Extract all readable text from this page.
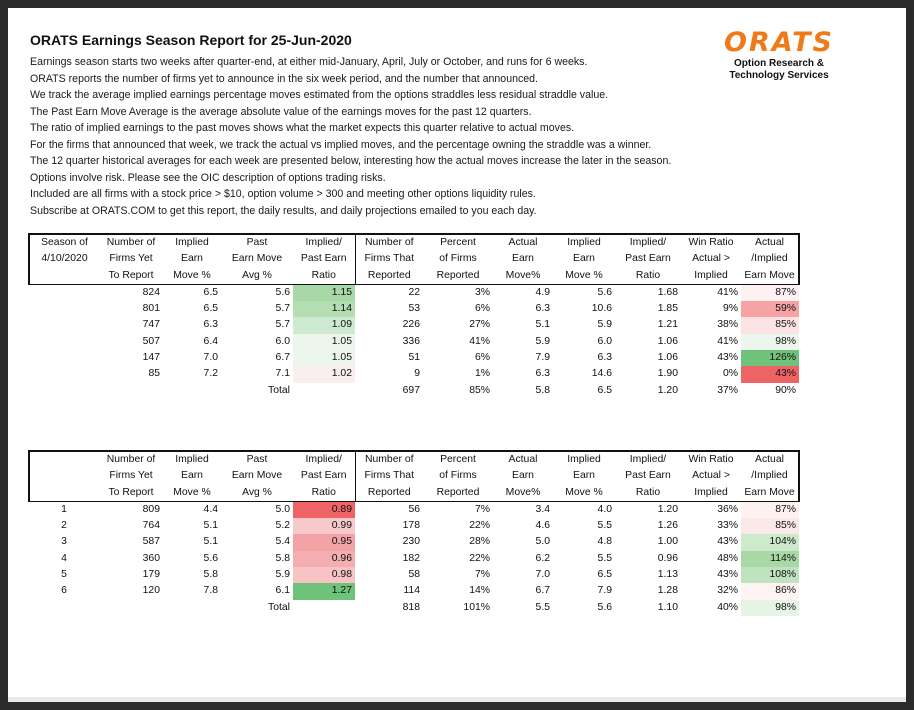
ORATS Earnings Season Report for 25-Jun-2020
Earnings season starts two weeks after quarter-end, at either mid-January, April, July or October, and runs for 6 weeks.
ORATS reports the number of firms yet to announce in the six week period, and the number that announced.
We track the average implied earnings percentage moves estimated from the options straddles less residual straddle value.
The Past Earn Move Average is the average absolute value of the earnings moves for the past 12 quarters.
The ratio of implied earnings to the past moves shows what the market expects this quarter relative to actual moves.
For the firms that announced that week, we track the actual vs implied moves, and the percentage owning the straddle was a winner.
The 12 quarter historical averages for each week are presented below, interesting how the actual moves increase the later in the season.
Options involve risk. Please see the OIC description of options trading risks.
Included are all firms with a stock price > $10, option volume > 300 and meeting other options liquidity rules.
Subscribe at ORATS.COM to get this report, the daily results, and daily projections emailed to you each day.
ORATS
Option Research &
Technology Services
Season of	Number of	Implied	Past	Implied/	Number of	Percent	Actual	Implied	Implied/	Win Ratio	Actual
4/10/2020	Firms Yet	Earn	Earn Move	Past Earn	Firms That	of Firms	Earn	Earn	Past Earn	Actual >	/Implied
	To Report	Move %	Avg %	Ratio	Reported	Reported	Move%	Move %	Ratio	Implied	Earn Move
	824	6.5	5.6	1.15	22	3%	4.9	5.6	1.68	41%	87%
	801	6.5	5.7	1.14	53	6%	6.3	10.6	1.85	9%	59%
	747	6.3	5.7	1.09	226	27%	5.1	5.9	1.21	38%	85%
	507	6.4	6.0	1.05	336	41%	5.9	6.0	1.06	41%	98%
	147	7.0	6.7	1.05	51	6%	7.9	6.3	1.06	43%	126%
	85	7.2	7.1	1.02	9	1%	6.3	14.6	1.90	0%	43%
			Total		697	85%	5.8	6.5	1.20	37%	90%
	Number of	Implied	Past	Implied/	Number of	Percent	Actual	Implied	Implied/	Win Ratio	Actual
	Firms Yet	Earn	Earn Move	Past Earn	Firms That	of Firms	Earn	Earn	Past Earn	Actual >	/Implied
	To Report	Move %	Avg %	Ratio	Reported	Reported	Move%	Move %	Ratio	Implied	Earn Move
1	809	4.4	5.0	0.89	56	7%	3.4	4.0	1.20	36%	87%
2	764	5.1	5.2	0.99	178	22%	4.6	5.5	1.26	33%	85%
3	587	5.1	5.4	0.95	230	28%	5.0	4.8	1.00	43%	104%
4	360	5.6	5.8	0.96	182	22%	6.2	5.5	0.96	48%	114%
5	179	5.8	5.9	0.98	58	7%	7.0	6.5	1.13	43%	108%
6	120	7.8	6.1	1.27	114	14%	6.7	7.9	1.28	32%	86%
			Total		818	101%	5.5	5.6	1.10	40%	98%
